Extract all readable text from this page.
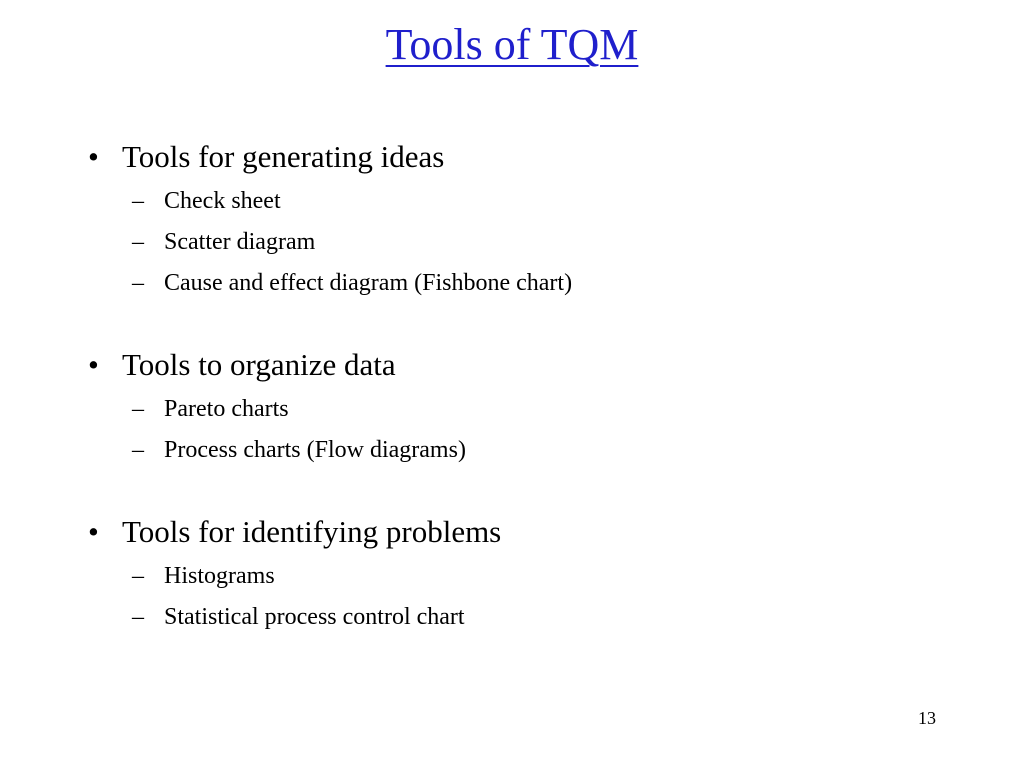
Tools of TQM
• Tools for generating ideas
– Check sheet
– Scatter diagram
– Cause and effect diagram (Fishbone chart)
• Tools to organize data
– Pareto charts
– Process charts (Flow diagrams)
• Tools for identifying problems
– Histograms
– Statistical process control chart
13
